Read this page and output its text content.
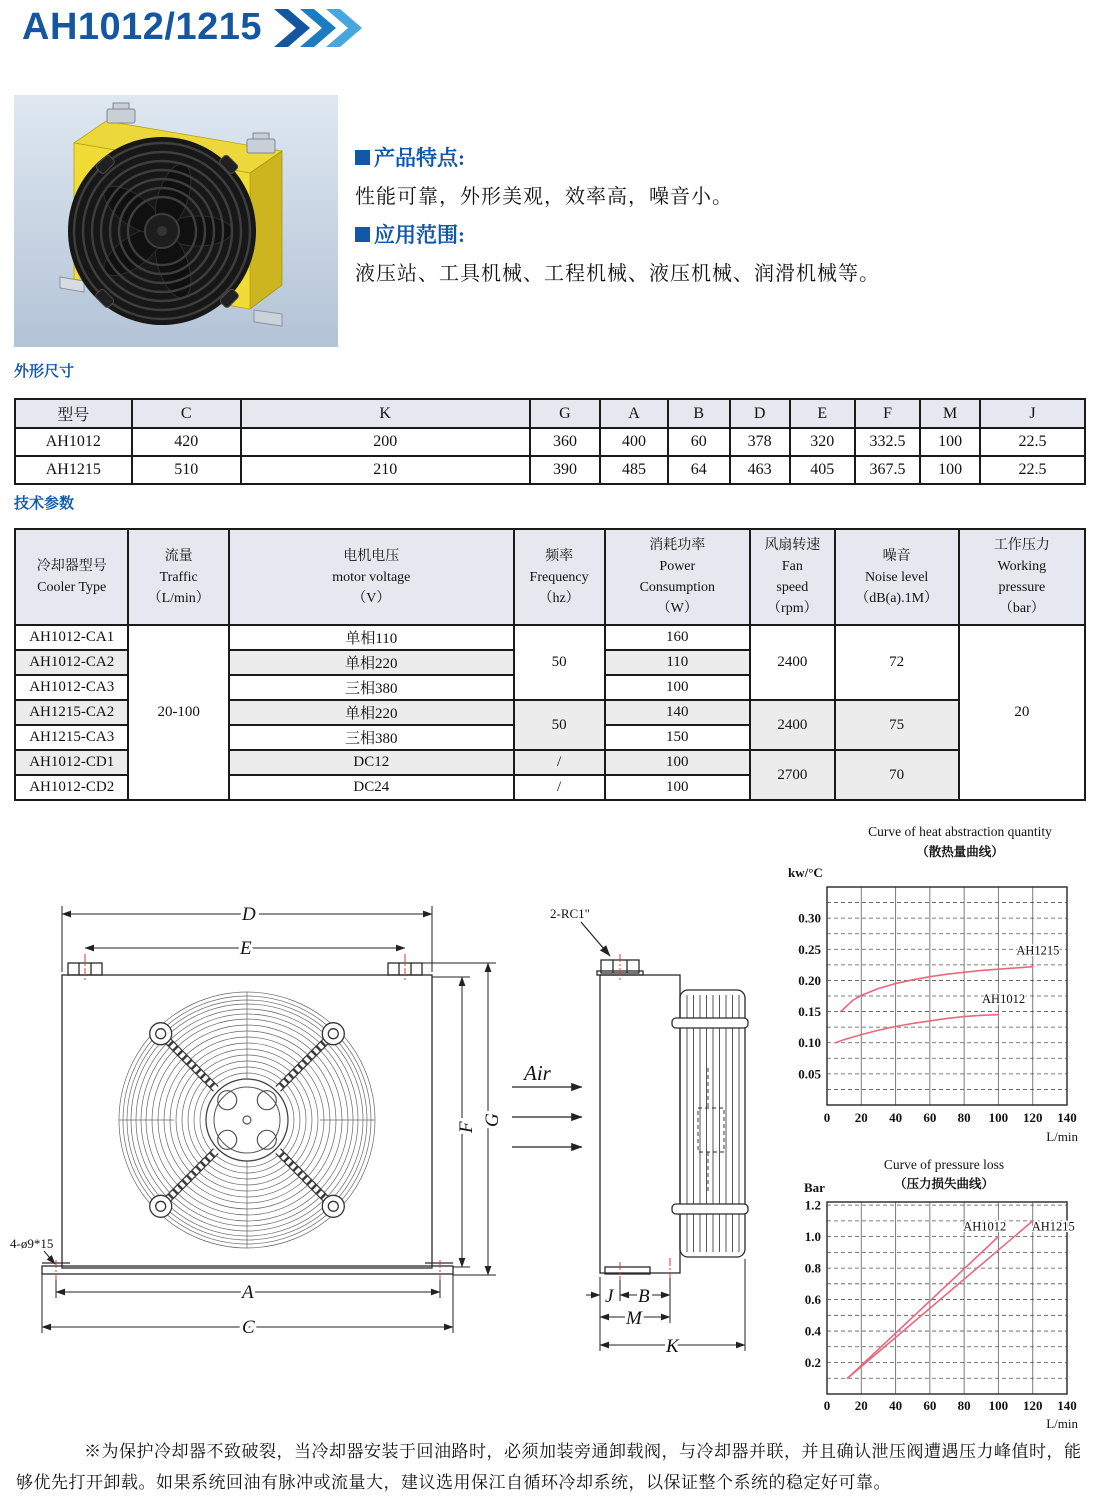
AH1012/1215
产品特点:

性能可靠，外形美观，效率高，噪音小。

应用范围:

液压站、工具机械、工程机械、液压机械、润滑机械等。

外形尺寸
型号	C	K	G	A	B	D	E	F	M	J
AH1012	420	200	360	400	60	378	320	332.5	100	22.5
AH1215	510	210	390	485	64	463	405	367.5	100	22.5
技术参数
冷却器型号
Cooler Type

流量
Traffic
（L/min）

电机电压
motor voltage
（V）

频率
Frequency
（hz）

消耗功率
Power
Consumption
（W）

风扇转速
Fan
speed
（rpm）

噪音
Noise level
（dB(a).1M）

工作压力
Working
pressure
（bar）

AH1012-CA1	20-100	单相110	50	160	2400	72	20
AH1012-CA2		单相220		110			
AH1012-CA3		三相380		100			
AH1215-CA2		单相220	50	140	2400	75	
AH1215-CA3		三相380		150			
AH1012-CD1		DC12	/	100	2700	70	
AH1012-CD2		DC24	/	100			
D
E
A
C
F
G
4-ø9*15
Air
2-RC1"
J B
M
K
0.05
0.10
0.15
0.20
0.25
0.30
0 20 40 60 80 100 120 140
AH1215
AH1012
Curve of heat abstraction quantity
（散热量曲线）
kw/°C
L/min
0.2
0.4
0.6
0.8
1.0
1.2
0 20 40 60 80 100 120 140
AH1012 AH1215
Curve of pressure loss
（压力损失曲线）
Bar
L/min

※为保护冷却器不致破裂，当冷却器安装于回油路时，必须加装旁通卸载阀，与冷却器并联，并且确认泄压阀遭遇压力峰值时，能够优先打开卸载。如果系统回油有脉冲或流量大，建议选用保江自循环冷却系统，以保证整个系统的稳定好可靠。
